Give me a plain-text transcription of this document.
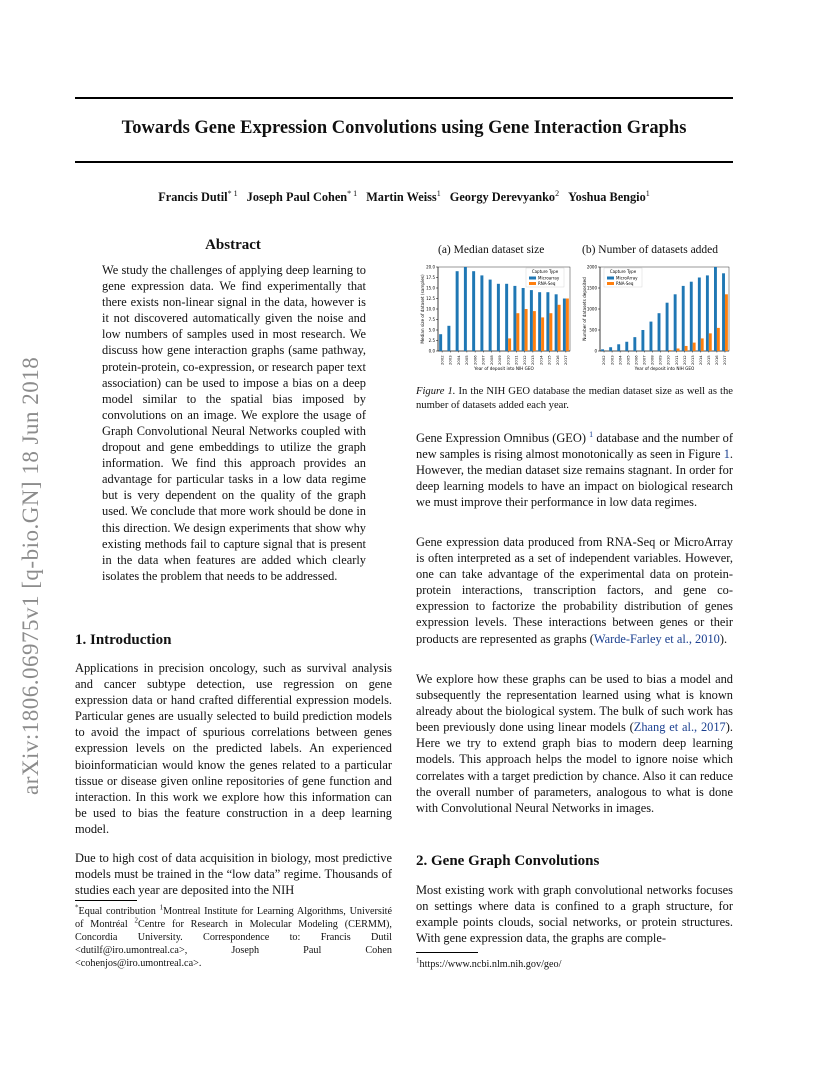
Towards Gene Expression Convolutions using Gene Interaction Graphs
Francis Dutil$^{* 1}$ Joseph Paul Cohen$^{* 1}$ Martin Weiss$^1$ Georgy Derevyanko$^2$ Yoshua Bengio$^1$
arXiv:1806.06975v1 [q-bio.GN] 18 Jun 2018
Abstract

We study the challenges of applying deep learning to gene expression data. We find experimentally that there exists non-linear signal in the data, however is it not discovered automatically given the noise and low numbers of samples used in most research. We discuss how gene interaction graphs (same pathway, protein-protein, co-expression, or research paper text association) can be used to impose a bias on a deep model similar to the spatial bias imposed by convolutions on an image. We explore the usage of Graph Convolutional Neural Networks coupled with dropout and gene embeddings to utilize the graph information. We find this approach provides an advantage for particular tasks in a low data regime but is very dependent on the quality of the graph used. We conclude that more work should be done in this direction. We design experiments that show why existing methods fail to capture signal that is present in the data when features are added which clearly isolates the problem that needs to be addressed.

1. Introduction

Applications in precision oncology, such as survival analysis and cancer subtype detection, use regression on gene expression data or hand crafted differential expression models. Particular genes are usually selected to build prediction models to avoid the impact of spurious correlations between genes expression levels on the predicted labels. An experienced bioinformatician would know the genes related to a particular tissue or disease given online repositories of gene function and interaction. In this work we explore how this information can be used to bias the feature construction in a deep learning model.

Due to high cost of data acquisition in biology, most predictive models must be trained in the “low data” regime. Thousands of studies each year are deposited into the NIH

*Equal contribution $^1$Montreal Institute for Learning Algorithms, Université of Montréal $^2$Centre for Research in Molecular Modeling (CERMM), Concordia University. Correspondence to: Francis Dutil <dutilf@iro.umontreal.ca>, Joseph Paul Cohen <cohenjos@iro.umontreal.ca>.

(a) Median dataset size	(b) Number of datasets added
0.0
2.5
5.0
7.5
10.0
12.5
15.0
17.5
20.0
2002 2003 2004 2005 2006 2007 2008 2009 2010 2011 2012 2013 2014 2015 2016 2017
Year of deposit into NIH GEO
Median size of dataset (samples)
Capture Type
Microarray
RNA-Seq
0
500
1000
1500
2000
2002 2003 2004 2005 2006 2007 2008 2009 2010 2011 2012 2013 2014 2015 2016 2017
Year of deposit into NIH GEO
Number of datasets deposited
Capture Type
MicroArray
RNA-Seq

Figure 1. In the NIH GEO database the median dataset size as well as the number of datasets added each year.

Gene Expression Omnibus (GEO) $^1$ database and the number of new samples is rising almost monotonically as seen in Figure 1. However, the median dataset size remains stagnant. In order for deep learning models to have an impact on biological research we must improve their performance in low data regimes.

Gene expression data produced from RNA-Seq or MicroArray is often interpreted as a set of independent variables. However, one can take advantage of the experimental data on protein-protein interactions, transcription factors, and gene co-expression to factorize the probability distribution of genes expression levels. These interactions between genes or their products are represented as graphs (Warde-Farley et al., 2010).

We explore how these graphs can be used to bias a model and subsequently the representation learned using what is known already about the biological system. The bulk of such work has been previously done using linear models (Zhang et al., 2017). Here we try to extend graph bias to modern deep learning models. This approach helps the model to ignore noise which correlates with a target prediction by chance. Also it can reduce the overall number of parameters, analogous to what is done with Convolutional Neural Networks in images.

2. Gene Graph Convolutions

Most existing work with graph convolutional networks focuses on settings where data is confined to a graph structure, for example points clouds, social networks, or protein structures. With gene expression data, the graphs are comple-

$^1$https://www.ncbi.nlm.nih.gov/geo/
